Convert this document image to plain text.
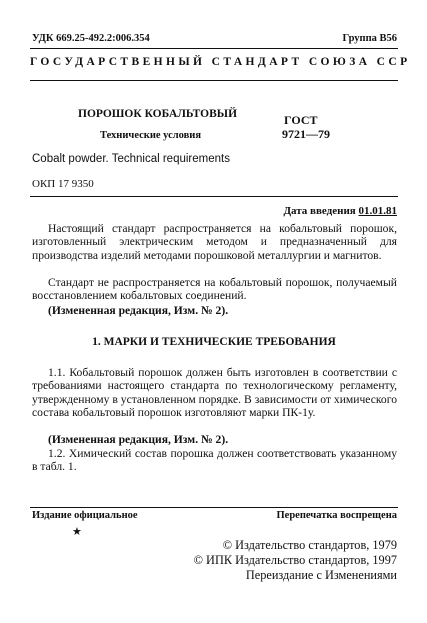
УДК 669.25-492.2:006.354	Группа В56
ГОСУДАРСТВЕННЫЙ СТАНДАРТ СОЮЗА ССР
ПОРОШОК КОБАЛЬТОВЫЙ
Технические условия
Cobalt powder. Technical requirements
ГОСТ
9721—79
ОКП 17 9350
Дата введения 01.01.81
Настоящий стандарт распространяется на кобальтовый порошок, изготовленный электрическим методом и предназначенный для производства изделий методами порошковой металлургии и магнитов.
Стандарт не распространяется на кобальтовый порошок, получаемый восстановлением кобальтовых соединений.
(Измененная редакция, Изм. № 2).
1. МАРКИ И ТЕХНИЧЕСКИЕ ТРЕБОВАНИЯ
1.1. Кобальтовый порошок должен быть изготовлен в соответствии с требованиями настоящего стандарта по технологическому регламенту, утвержденному в установленном порядке. В зависимости от химического состава кобальтовый порошок изготовляют марки ПК-1у.
(Измененная редакция, Изм. № 2).
1.2. Химический состав порошка должен соответствовать указанному в табл. 1.
Издание официальное	Перепечатка воспрещена
★
© Издательство стандартов, 1979
© ИПК Издательство стандартов, 1997
Переиздание с Изменениями
